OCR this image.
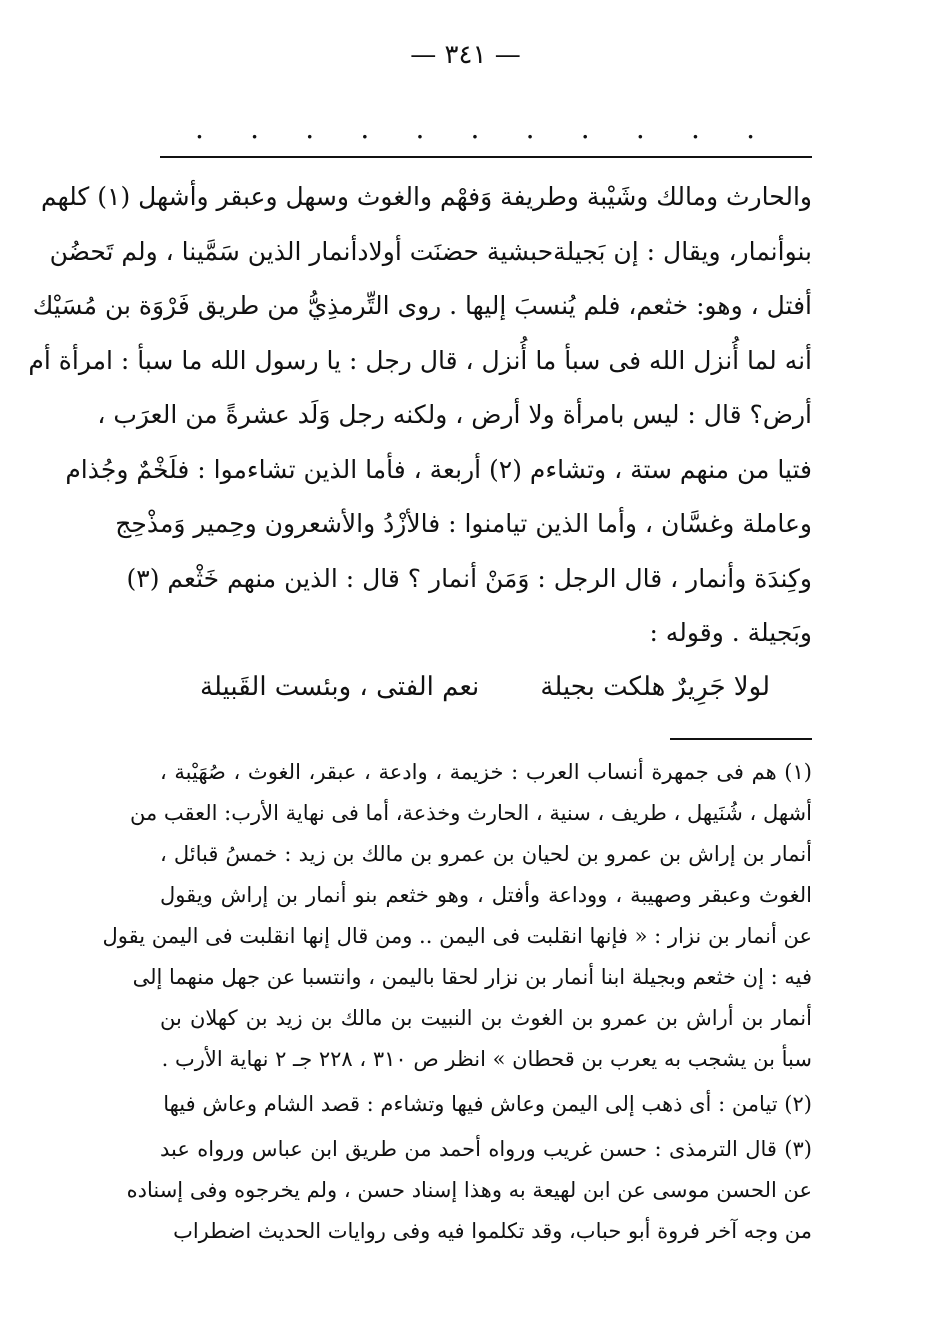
— ٣٤١ —
.
.
.
.
.
.
.
.
.
.
.
والحارث ومالك وشَيْبة وطريفة وَفهْم والغوث وسهل وعبقر وأشهل (١) كلهم
بنوأنمار، ويقال : إن بَجيلةحبشية حضنَت أولادأنمار الذين سَمَّينا ، ولم تَحضُن
أفتل ، وهو: خثعم، فلم يُنسبَ إليها . روى التِّرمذِيُّ من طريق فَرْوَة بن مُسَيْك
أنه لما أُنزل الله فى سبأ ما أُنزل ، قال رجل : يا رسول الله ما سبأ : امرأة أم
أرض؟ قال : ليس بامرأة ولا أرض ، ولكنه رجل وَلَد عشرةً من العرَب ،
فتيا من منهم ستة ، وتشاءم (٢) أربعة ، فأما الذين تشاءموا : فلَخْمٌ وجُذام
وعاملة وغسَّان ، وأما الذين تيامنوا : فالأزْدُ والأشعرون وحِمير وَمذْحِج
وكِندَة وأنمار ، قال الرجل : وَمَنْ أنمار ؟ قال : الذين منهم خَثْعم (٣)
وبَجيلة . وقوله :
لولا جَرِيرٌ هلكت بجيلة
نعم الفتى ، وبئست القَبيلة
(١) هم فى جمهرة أنساب العرب : خزيمة ، وادعة ، عبقر، الغوث ، صُهَيْبة ،
أشهل ، شُنَيهل ، طريف ، سنية ، الحارث وخذعة، أما فى نهاية الأرب: العقب من
أنمار بن إراش بن عمرو بن لحيان بن عمرو بن مالك بن زيد : خمسُ قبائل ،
الغوث وعبقر وصهيبة ، ووداعة وأفتل ، وهو خثعم بنو أنمار بن إراش ويقول
عن أنمار بن نزار : « فإنها انقلبت فى اليمن .. ومن قال إنها انقلبت فى اليمن يقول
فيه : إن خثعم وبجيلة ابنا أنمار بن نزار لحقا باليمن ، وانتسبا عن جهل منهما إلى
أنمار بن أراش بن عمرو بن الغوث بن النبيت بن مالك بن زيد بن كهلان بن
سبأ بن يشجب به يعرب بن قحطان » انظر ص ٣١٠ ، ٢٢٨ جـ ٢ نهاية الأرب .
(٢) تيامن : أى ذهب إلى اليمن وعاش فيها وتشاءم : قصد الشام وعاش فيها
(٣) قال الترمذى : حسن غريب ورواه أحمد من طريق ابن عباس ورواه عبد
عن الحسن موسى عن ابن لهيعة به وهذا إسناد حسن ، ولم يخرجوه وفى إسناده
من وجه آخر فروة أبو حباب، وقد تكلموا فيه وفى روايات الحديث اضطراب
